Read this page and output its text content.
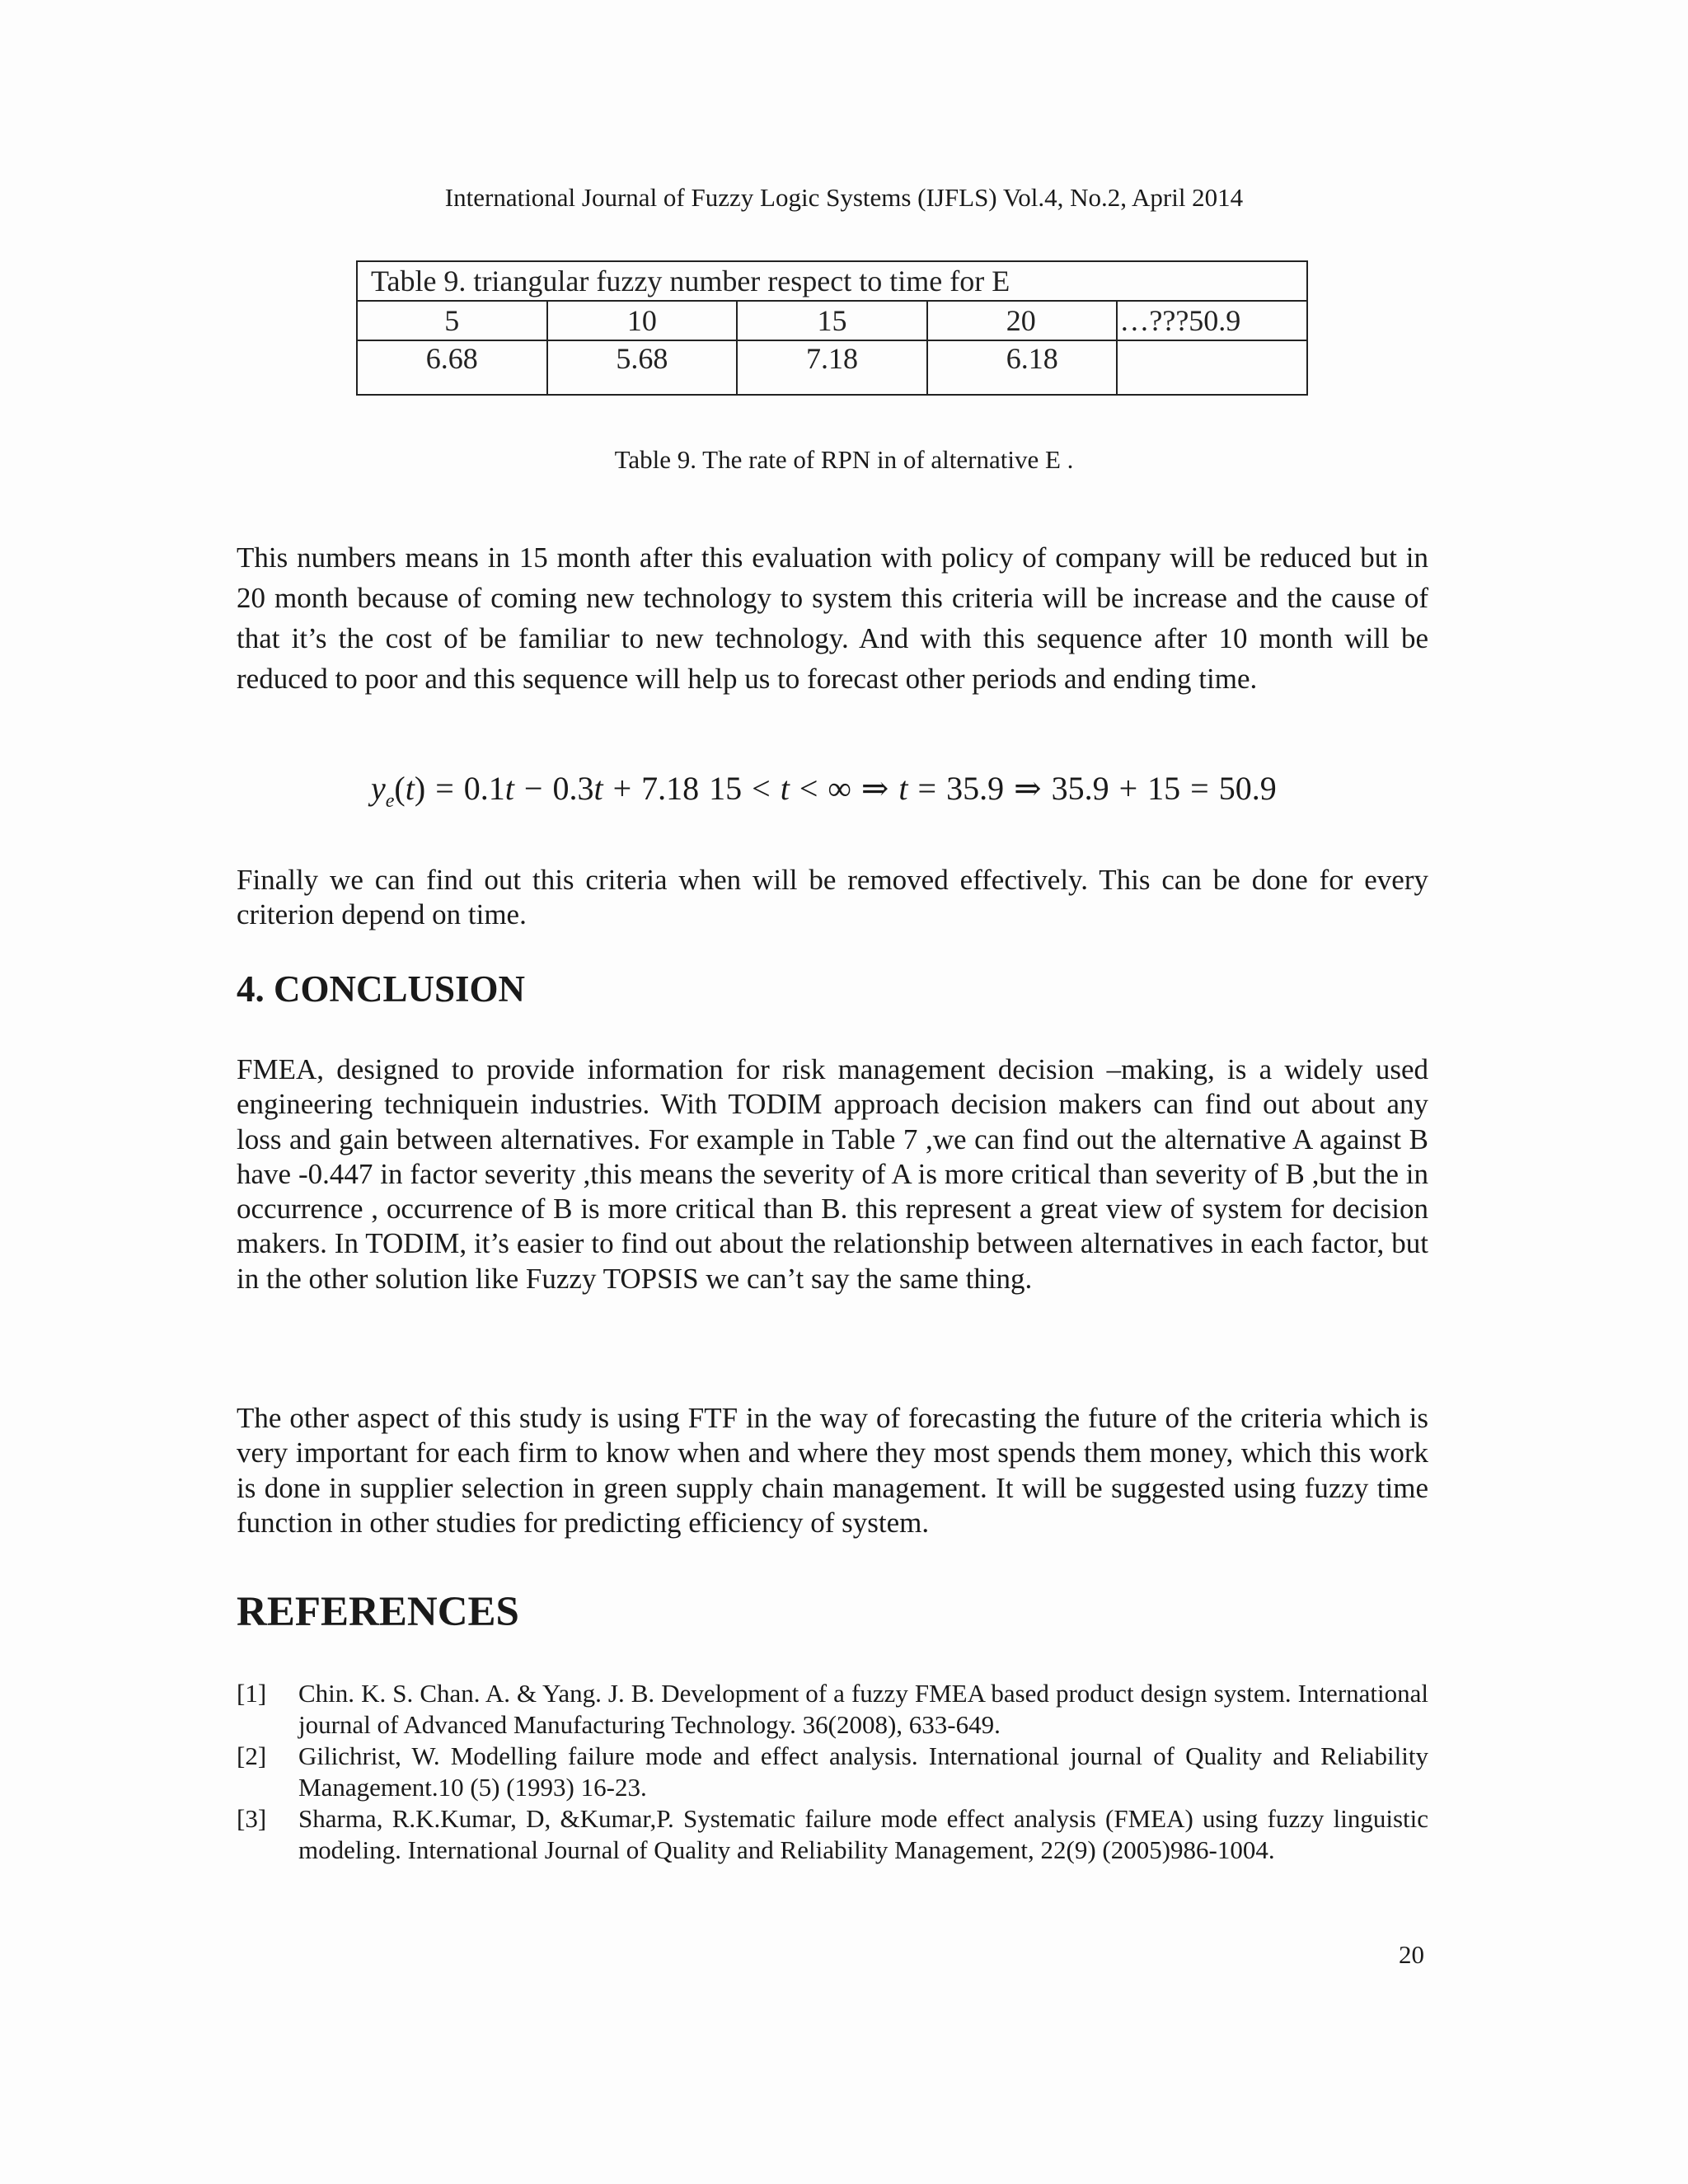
International Journal of Fuzzy Logic Systems (IJFLS) Vol.4, No.2, April 2014
Table 9. triangular fuzzy number respect to time for E				
5	10	15	20	…???50.9
6.68	5.68	7.18	6.18	
Table 9. The rate of RPN in of alternative E .
This numbers means in 15 month after this evaluation with policy of company will be reduced but in 20 month because of coming new technology to system this criteria will be increase and the cause of that it’s the cost of be familiar to new technology. And with this sequence after 10 month will be reduced to poor and this sequence will help us to forecast other periods and ending time.
$y_e(t) = 0.1t - 0.3t + 7.18$ 15 < t < ∞ ⇒ t = 35.9 ⇒ 35.9 + 15 = 50.9
Finally we can find out this criteria when will be removed effectively. This can be done for every criterion depend on time.
4. CONCLUSION
FMEA, designed to provide information for risk management decision –making, is a widely used engineering techniquein industries. With TODIM approach decision makers can find out about any loss and gain between alternatives. For example in Table 7 ,we can find out the alternative A against B have -0.447 in factor severity ,this means the severity of A is more critical than severity of B ,but the in occurrence , occurrence of B is more critical than B. this represent a great view of system for decision makers. In TODIM, it’s easier to find out about the relationship between alternatives in each factor, but in the other solution like Fuzzy TOPSIS we can’t say the same thing.
The other aspect of this study is using FTF in the way of forecasting the future of the criteria which is very important for each firm to know when and where they most spends them money, which this work is done in supplier selection in green supply chain management. It will be suggested using fuzzy time function in other studies for predicting efficiency of system.
REFERENCES
[1]	Chin. K. S. Chan. A. & Yang. J. B. Development of a fuzzy FMEA based product design system. International journal of Advanced Manufacturing Technology. 36(2008), 633-649.
[2]	Gilichrist, W. Modelling failure mode and effect analysis. International journal of Quality and Reliability Management.10 (5) (1993) 16-23.
[3]	Sharma, R.K.Kumar, D, &Kumar,P. Systematic failure mode effect analysis (FMEA) using fuzzy linguistic modeling. International Journal of Quality and Reliability Management, 22(9) (2005)986-1004.
20
